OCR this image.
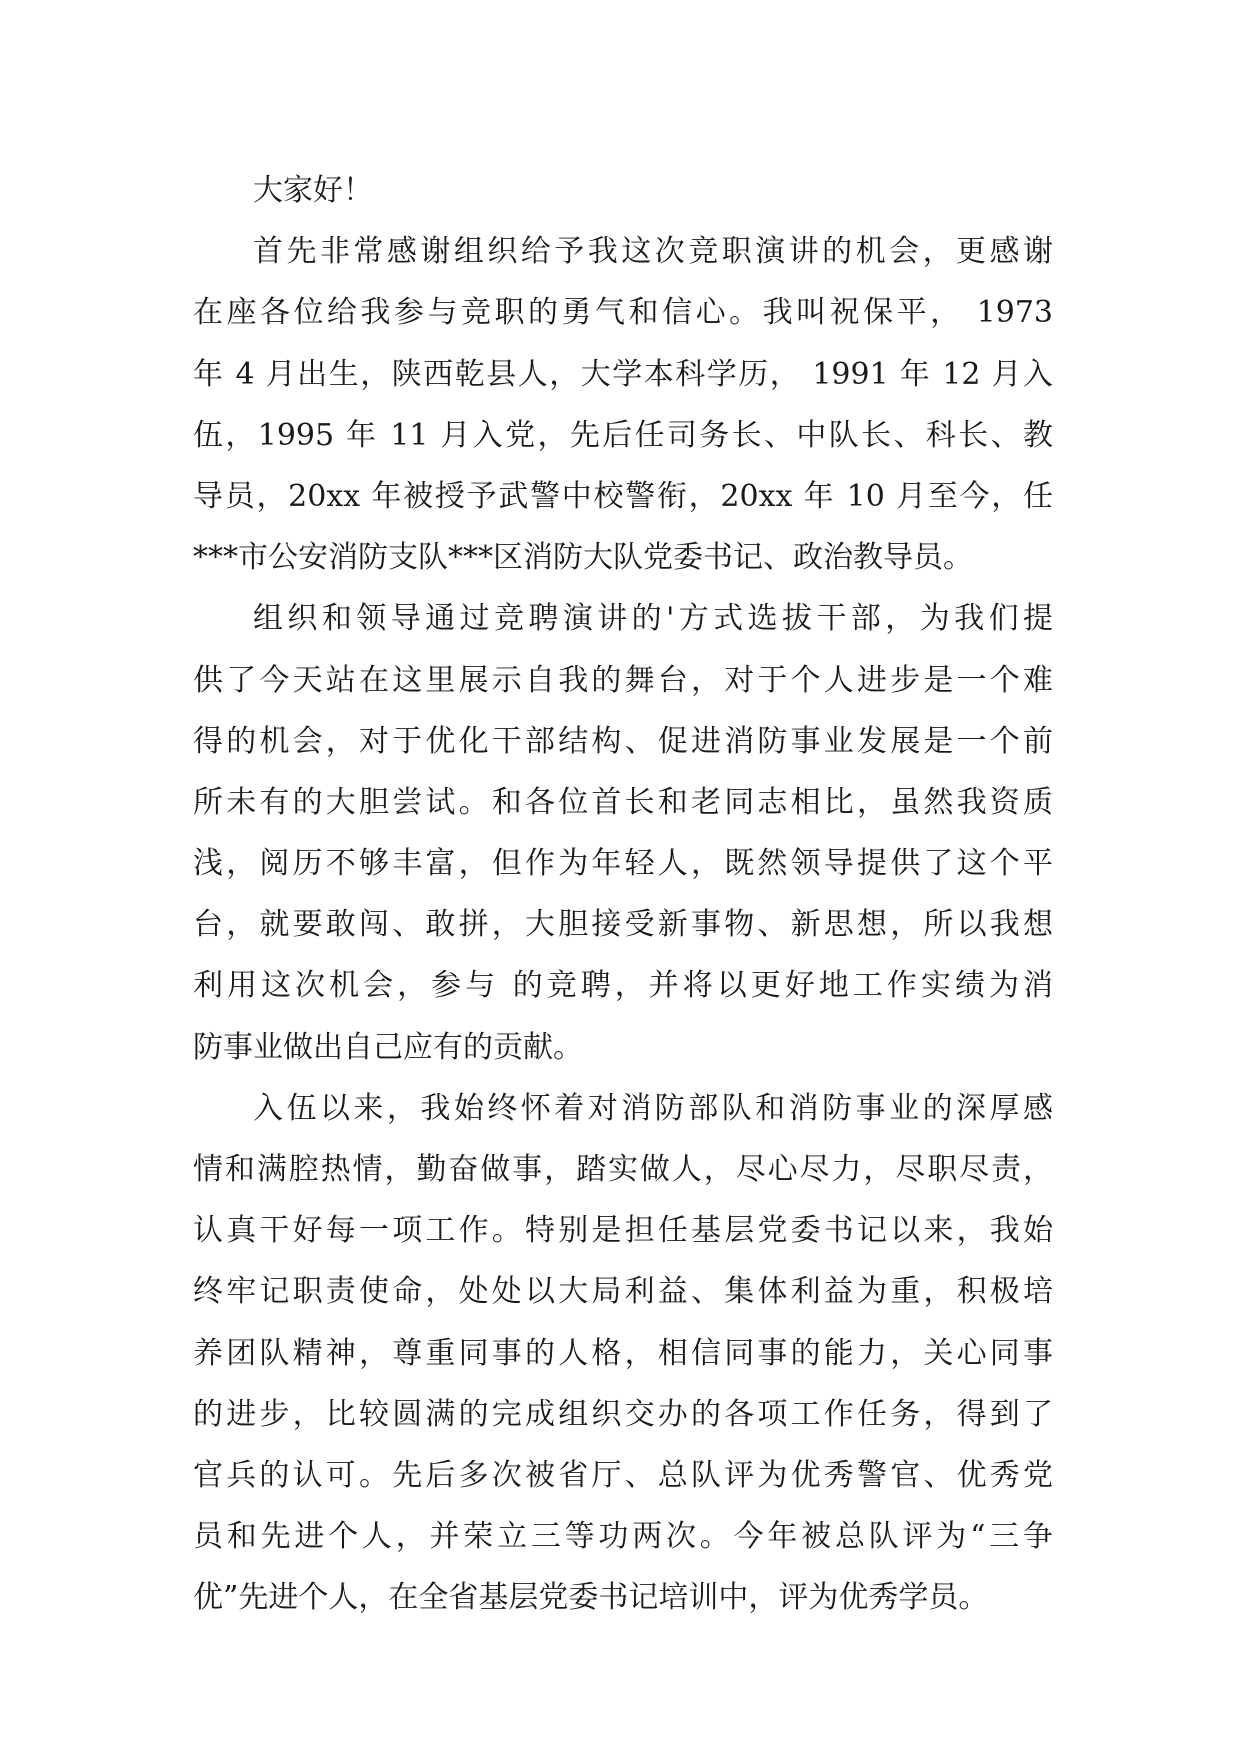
大家好！
首先非常感谢组织给予我这次竞职演讲的机会，更感谢
在座各位给我参与竞职的勇气和信心。我叫祝保平， 1973
年 4 月出生，陕西乾县人，大学本科学历， 1991 年 12 月入
伍，1995 年 11 月入党，先后任司务长、中队长、科长、教
导员，20xx 年被授予武警中校警衔，20xx 年 10 月至今，任
***市公安消防支队***区消防大队党委书记、政治教导员。
组织和领导通过竞聘演讲的'方式选拔干部，为我们提
供了今天站在这里展示自我的舞台，对于个人进步是一个难
得的机会，对于优化干部结构、促进消防事业发展是一个前
所未有的大胆尝试。和各位首长和老同志相比，虽然我资质
浅，阅历不够丰富，但作为年轻人，既然领导提供了这个平
台，就要敢闯、敢拼，大胆接受新事物、新思想，所以我想
利用这次机会，参与 的竞聘，并将以更好地工作实绩为消
防事业做出自己应有的贡献。
入伍以来，我始终怀着对消防部队和消防事业的深厚感
情和满腔热情，勤奋做事，踏实做人，尽心尽力，尽职尽责，
认真干好每一项工作。特别是担任基层党委书记以来，我始
终牢记职责使命，处处以大局利益、集体利益为重，积极培
养团队精神，尊重同事的人格，相信同事的能力，关心同事
的进步，比较圆满的完成组织交办的各项工作任务，得到了
官兵的认可。先后多次被省厅、总队评为优秀警官、优秀党
员和先进个人，并荣立三等功两次。今年被总队评为“三争
优”先进个人，在全省基层党委书记培训中，评为优秀学员。
